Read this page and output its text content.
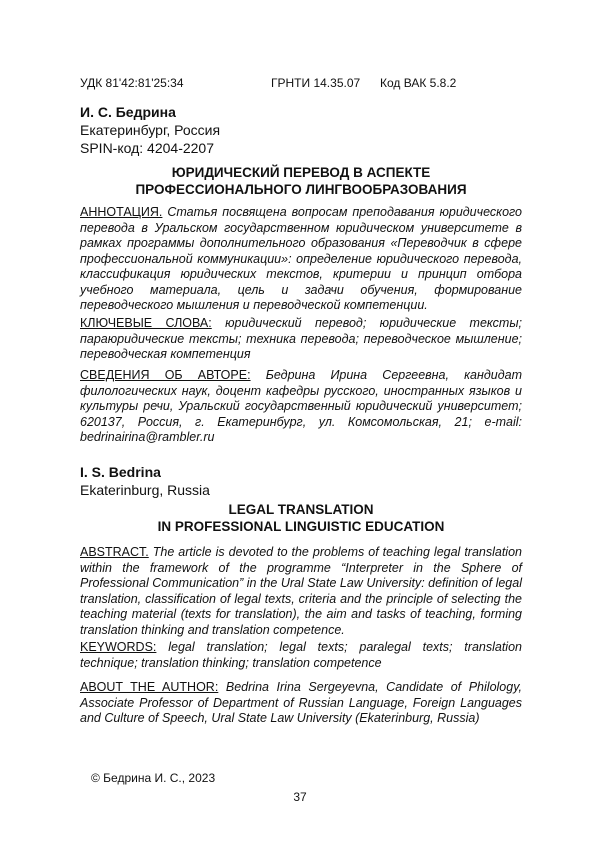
УДК 81'42:81'25:34	ГРНТИ 14.35.07 Код ВАК 5.8.2
И. С. Бедрина
Екатеринбург, Россия
SPIN-код: 4204-2207
ЮРИДИЧЕСКИЙ ПЕРЕВОД В АСПЕКТЕ
ПРОФЕССИОНАЛЬНОГО ЛИНГВООБРАЗОВАНИЯ
АННОТАЦИЯ. Статья посвящена вопросам преподавания юридического перевода в Уральском государственном юридическом университете в рамках программы дополнительного образования «Переводчик в сфере профессиональной коммуникации»: определение юридического перевода, классификация юридических текстов, критерии и принцип отбора учебного материала, цель и задачи обучения, формирование переводческого мышления и переводческой компетенции.
КЛЮЧЕВЫЕ СЛОВА: юридический перевод; юридические тексты; параюридические тексты; техника перевода; переводческое мышление; переводческая компетенция
СВЕДЕНИЯ ОБ АВТОРЕ: Бедрина Ирина Сергеевна, кандидат филологических наук, доцент кафедры русского, иностранных языков и культуры речи, Уральский государственный юридический университет; 620137, Россия, г. Екатеринбург, ул. Комсомольская, 21; e-mail: bedrinairina@rambler.ru
I. S. Bedrina
Ekaterinburg, Russia
LEGAL TRANSLATION
IN PROFESSIONAL LINGUISTIC EDUCATION
ABSTRACT. The article is devoted to the problems of teaching legal translation within the framework of the programme “Interpreter in the Sphere of Professional Communication” in the Ural State Law University: definition of legal translation, classification of legal texts, criteria and the principle of selecting the teaching material (texts for translation), the aim and tasks of teaching, forming translation thinking and translation competence.
KEYWORDS: legal translation; legal texts; paralegal texts; translation technique; translation thinking; translation competence
ABOUT THE AUTHOR: Bedrina Irina Sergeyevna, Candidate of Philology, Associate Professor of Department of Russian Language, Foreign Languages and Culture of Speech, Ural State Law University (Ekaterinburg, Russia)
© Бедрина И. С., 2023
37
